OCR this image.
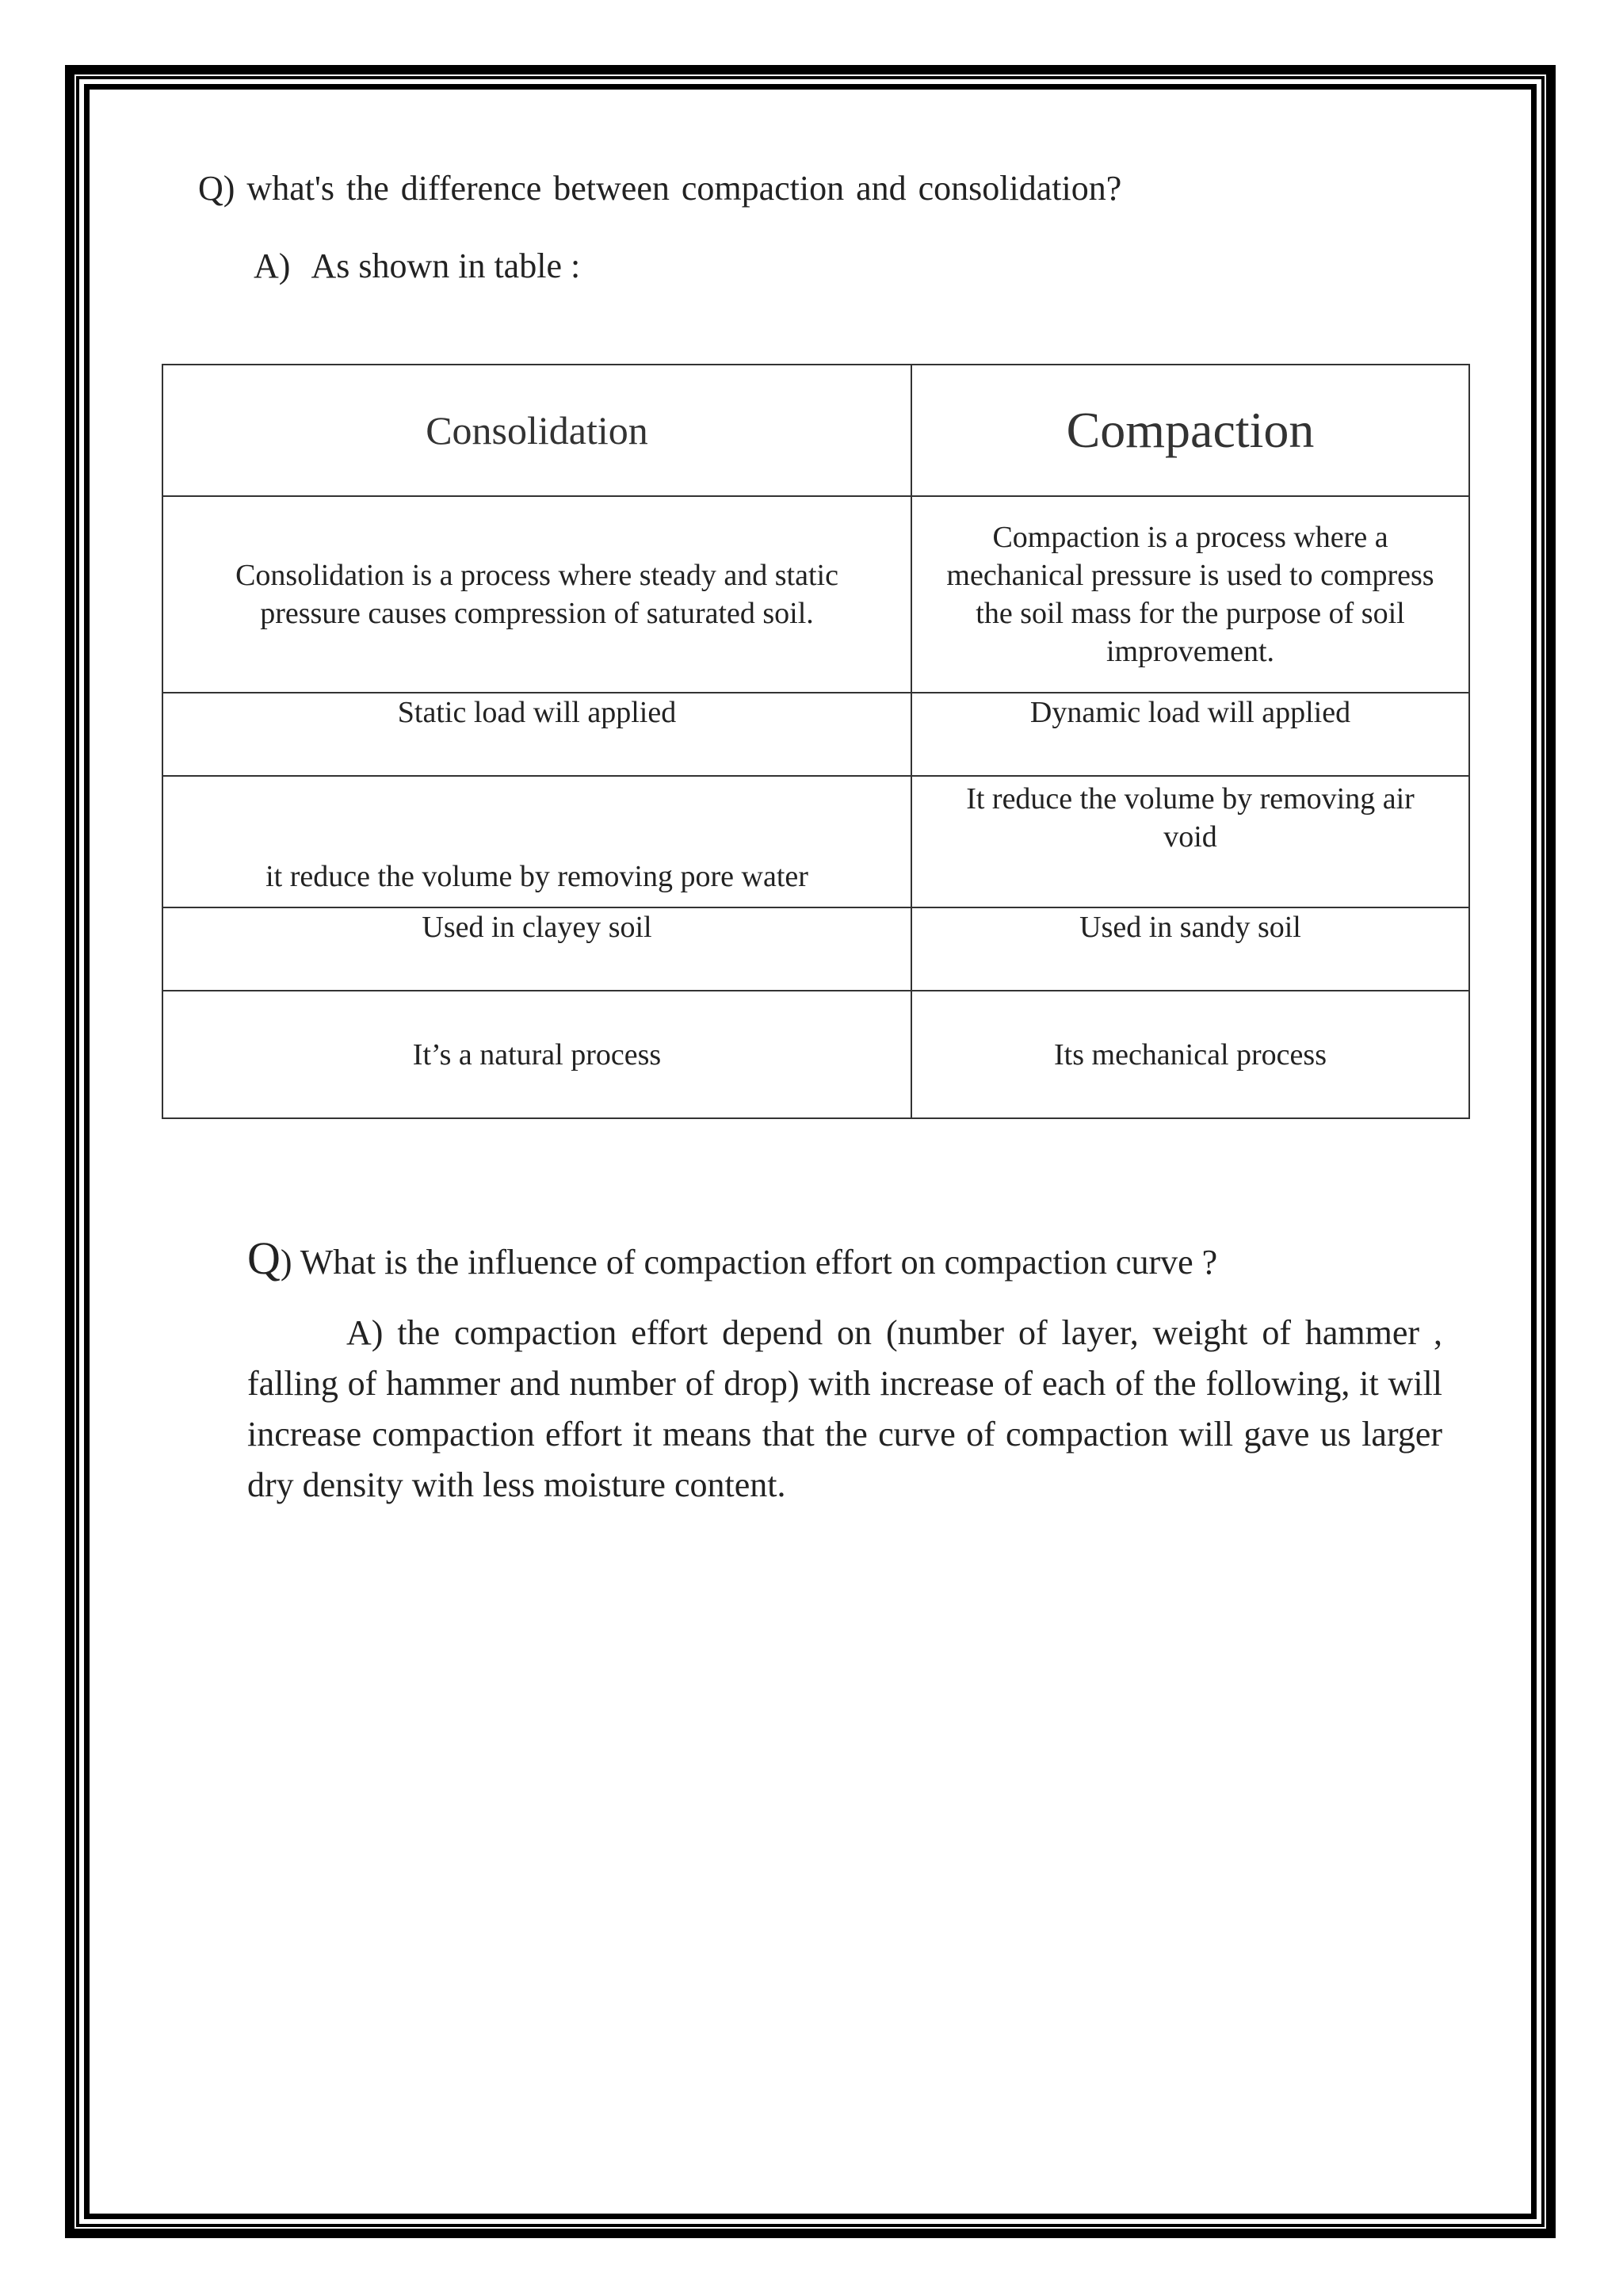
Q) what's the difference between compaction and consolidation?
A) As shown in table :
Consolidation	Compaction
Consolidation is a process where steady and static pressure causes compression of saturated soil.	Compaction is a process where a mechanical pressure is used to compress the soil mass for the purpose of soil improvement.
Static load will applied	Dynamic load will applied
it reduce the volume by removing pore water	It reduce the volume by removing air void
Used in clayey soil	Used in sandy soil
It’s a natural process	Its mechanical process
Q) What is the influence of compaction effort on compaction curve ?
A) the compaction effort depend on (number of layer, weight of hammer , falling of hammer and number of drop) with increase of each of the following, it will increase compaction effort it means that the curve of compaction will gave us larger dry density with less moisture content.
